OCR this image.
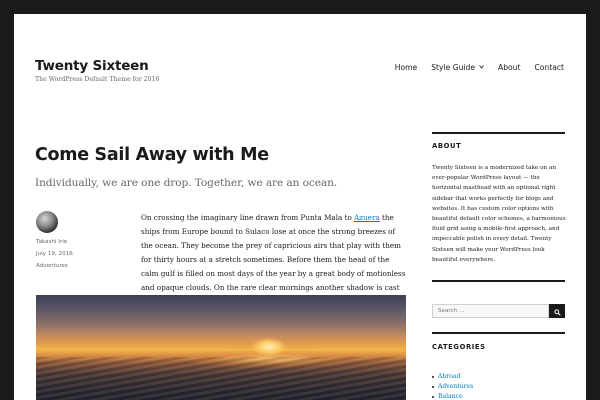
Twenty Sixteen
The WordPress Default Theme for 2016
Home Style Guide	About Contact
Come Sail Away with Me
Individually, we are one drop. Together, we are an ocean.
Takashi Irie
July 19, 2016
Adventures

On crossing the imaginary line drawn from Punta Mala to Azuera the ships from Europe bound to Sulaco lose at once the strong breezes of the ocean. They become the prey of capricious airs that play with them for thirty hours at a stretch sometimes. Before them the head of the calm gulf is filled on most days of the year by a great body of motionless and opaque clouds. On the rare clear mornings another shadow is cast

ABOUT

Twenty Sixteen is a modernized take on an ever-popular WordPress layout — the horizontal masthead with an optional right sidebar that works perfectly for blogs and websites. It has custom color options with beautiful default color schemes, a harmonious fluid grid using a mobile-first approach, and impeccable polish in every detail. Twenty Sixteen will make your WordPress look beautiful everywhere.

Search …
CATEGORIES
Abroad
Adventures
Balance
